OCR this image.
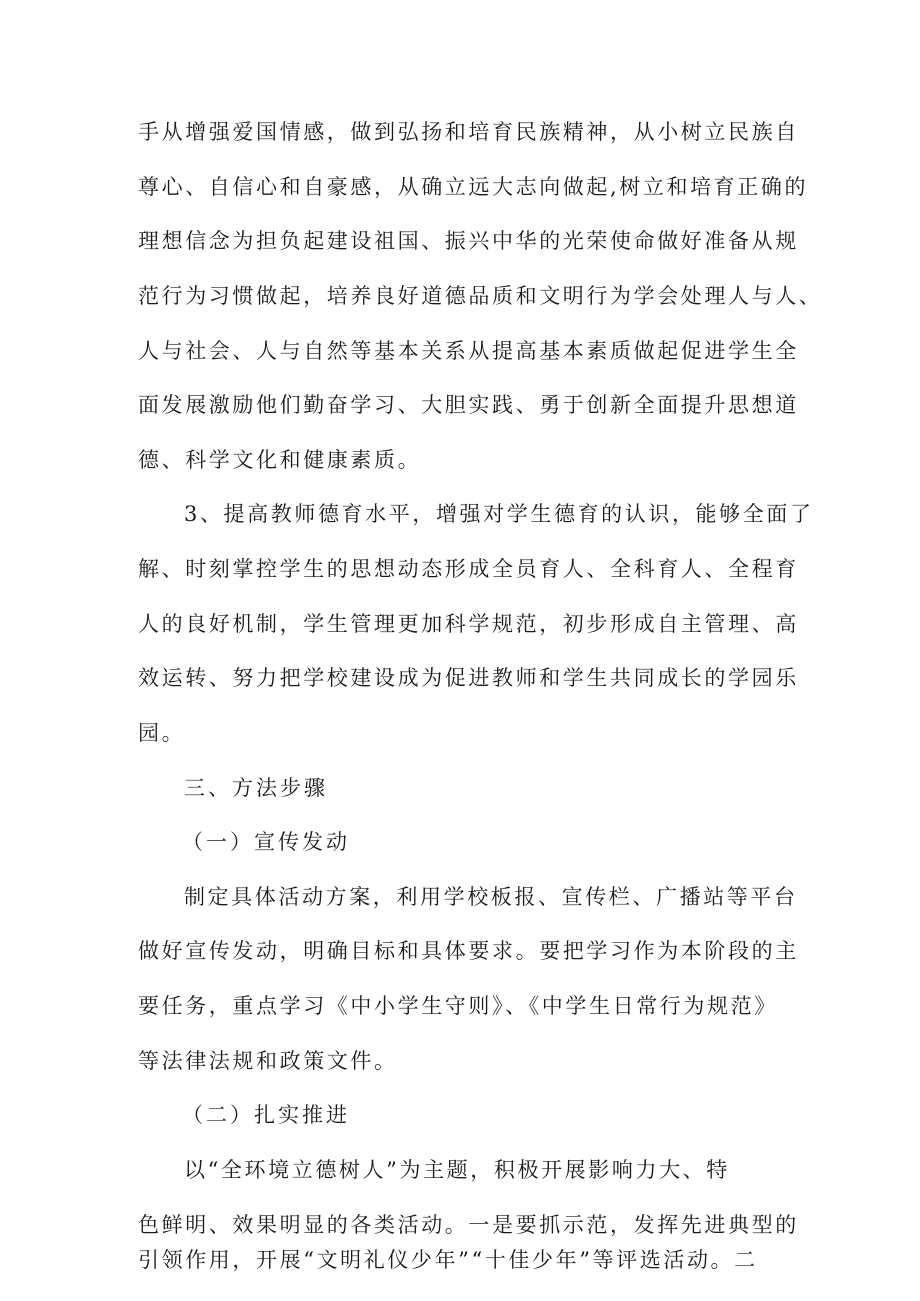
手从增强爱国情感，做到弘扬和培育民族精神，从小树立民族自
尊心、自信心和自豪感，从确立远大志向做起,树立和培育正确的
理想信念为担负起建设祖国、振兴中华的光荣使命做好准备从规
范行为习惯做起，培养良好道德品质和文明行为学会处理人与人、
人与社会、人与自然等基本关系从提高基本素质做起促进学生全
面发展激励他们勤奋学习、大胆实践、勇于创新全面提升思想道
德、科学文化和健康素质。
3、提高教师德育水平，增强对学生德育的认识，能够全面了
解、时刻掌控学生的思想动态形成全员育人、全科育人、全程育
人的良好机制，学生管理更加科学规范，初步形成自主管理、高
效运转、努力把学校建设成为促进教师和学生共同成长的学园乐
园。
三、方法步骤
（一）宣传发动
制定具体活动方案，利用学校板报、宣传栏、广播站等平台
做好宣传发动，明确目标和具体要求。要把学习作为本阶段的主
要任务，重点学习《中小学生守则》、《中学生日常行为规范》
等法律法规和政策文件。
（二）扎实推进
以“全环境立德树人”为主题，积极开展影响力大、特
色鲜明、效果明显的各类活动。一是要抓示范，发挥先进典型的
引领作用，开展“文明礼仪少年”“十佳少年”等评选活动。二
